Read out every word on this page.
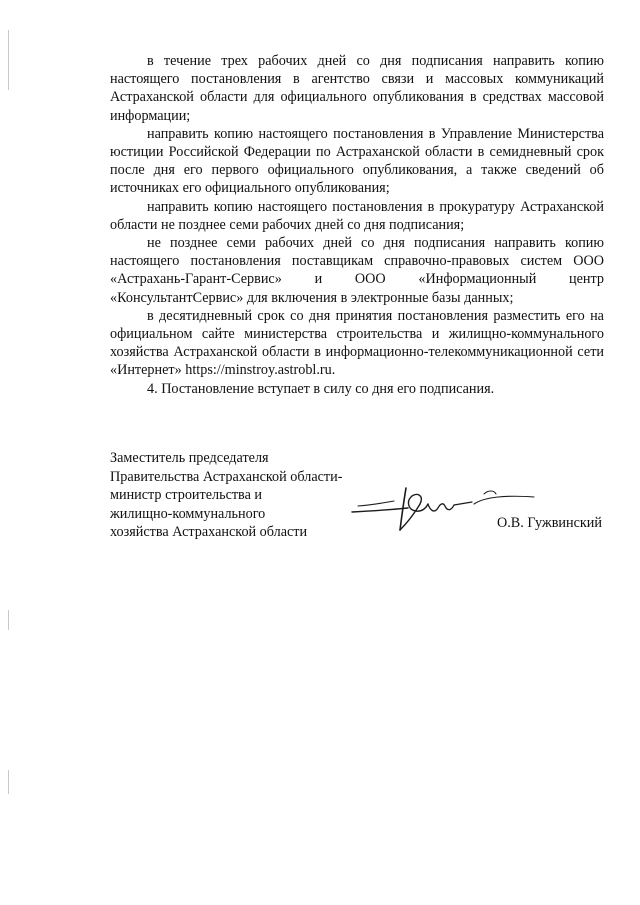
в течение трех рабочих дней со дня подписания направить копию настоящего постановления в агентство связи и массовых коммуникаций Астраханской области для официального опубликования в средствах массовой информации;

направить копию настоящего постановления в Управление Министерства юстиции Российской Федерации по Астраханской области в семидневный срок после дня его первого официального опубликования, а также сведений об источниках его официального опубликования;

направить копию настоящего постановления в прокуратуру Астраханской области не позднее семи рабочих дней со дня подписания;

не позднее семи рабочих дней со дня подписания направить копию настоящего постановления поставщикам справочно-правовых систем ООО «Астрахань-Гарант-Сервис» и ООО «Информационный центр «КонсультантСервис» для включения в электронные базы данных;

в десятидневный срок со дня принятия постановления разместить его на официальном сайте министерства строительства и жилищно-коммунального хозяйства Астраханской области в информационно-телекоммуникационной сети «Интернет» https://minstroy.astrobl.ru.

4. Постановление вступает в силу со дня его подписания.

Заместитель председателя
Правительства Астраханской области-
министр строительства и
жилищно-коммунального
хозяйства Астраханской области
О.В. Гужвинский
